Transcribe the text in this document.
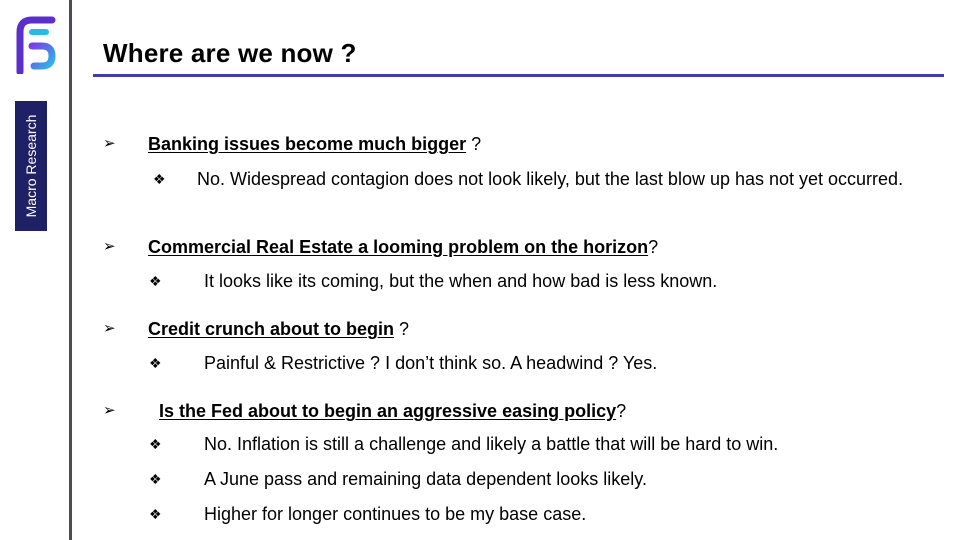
Macro Research
Where are we now ?
➢ Banking issues become much bigger ?
❖ No. Widespread contagion does not look likely, but the last blow up has not yet occurred.
➢ Commercial Real Estate a looming problem on the horizon?
❖ It looks like its coming, but the when and how bad is less known.
➢ Credit crunch about to begin ?
❖ Painful & Restrictive ? I don’t think so. A headwind ? Yes.
➢ Is the Fed about to begin an aggressive easing policy?
❖ No. Inflation is still a challenge and likely a battle that will be hard to win.
❖ A June pass and remaining data dependent looks likely.
❖ Higher for longer continues to be my base case.
